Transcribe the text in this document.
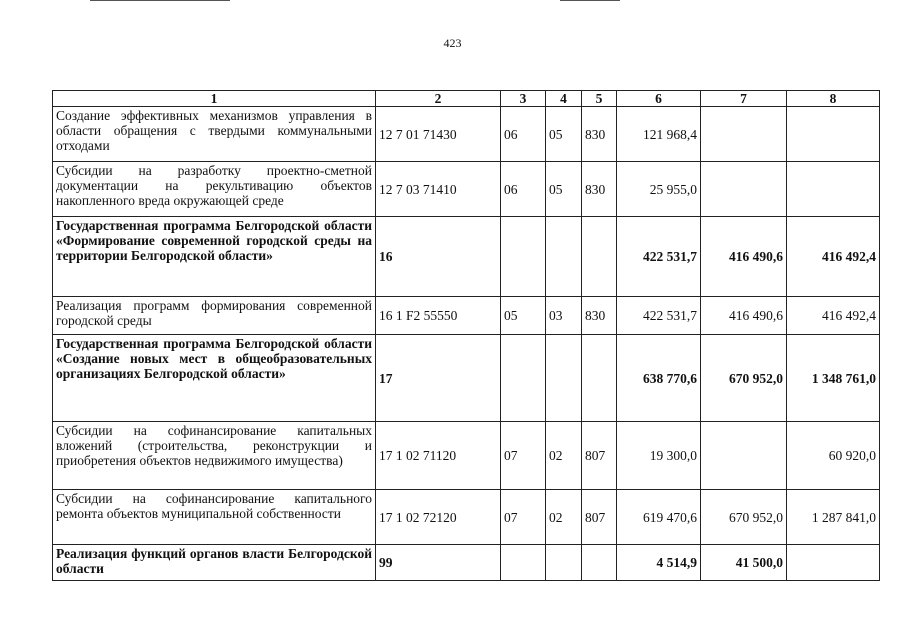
423
1	2	3	4	5	6	7	8
Создание эффективных механизмов управления в области обращения с твердыми коммунальными отходами	12 7 01 71430	06	05	830	121 968,4		
Субсидии на разработку проектно-сметной документации на рекультивацию объектов накопленного вреда окружающей среде	12 7 03 71410	06	05	830	25 955,0		
Государственная программа Белгородской области «Формирование современной городской среды на территории Белгородской области»	16				422 531,7	416 490,6	416 492,4
Реализация программ формирования современной городской среды	16 1 F2 55550	05	03	830	422 531,7	416 490,6	416 492,4
Государственная программа Белгородской области «Создание новых мест в общеобразовательных организациях Белгородской области»	17				638 770,6	670 952,0	1 348 761,0
Субсидии на софинансирование капитальных вложений (строительства, реконструкции и приобретения объектов недвижимого имущества)	17 1 02 71120	07	02	807	19 300,0		60 920,0
Субсидии на софинансирование капитального ремонта объектов муниципальной собственности	17 1 02 72120	07	02	807	619 470,6	670 952,0	1 287 841,0
Реализация функций органов власти Белгородской области	99				4 514,9	41 500,0	
